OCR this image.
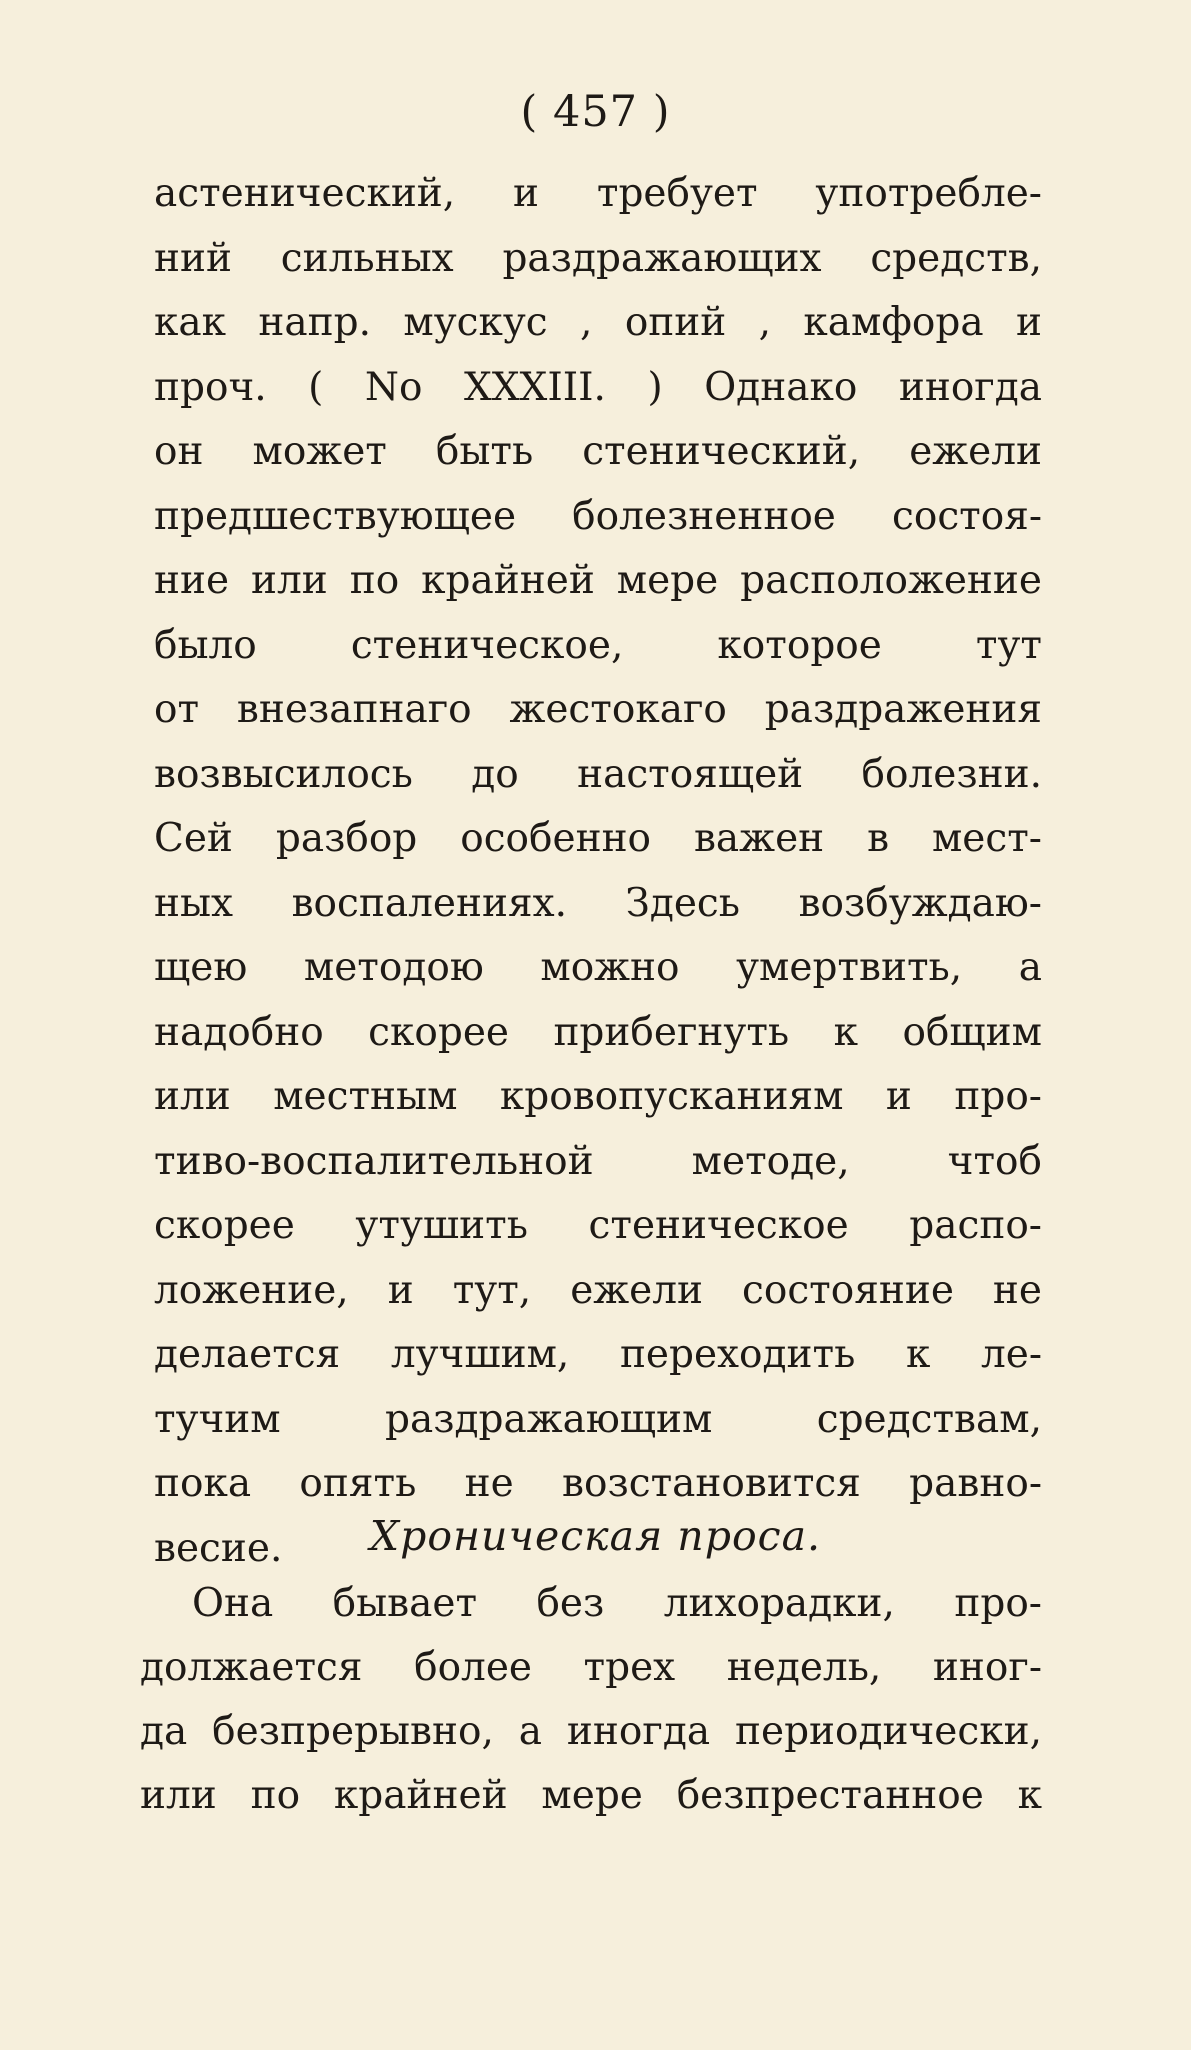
( 457 )
астенический, и требует употребле-
ний сильных раздражающих средств,
как напр. мускус , опий , камфора и
проч. ( No XXXIII. ) Однако иногда
он может быть стенический, ежели
предшествующее болезненное состоя-
ние или по крайней мере расположение
было стеническое, которое тут
от внезапнаго жестокаго раздражения
возвысилось до настоящей болезни.
Сей разбор особенно важен в мест-
ных воспалениях. Здесь возбуждаю-
щею методою можно умертвить, а
надобно скорее прибегнуть к общим
или местным кровопусканиям и про-
тиво-воспалительной методе, чтоб
скорее утушить стеническое распо-
ложение, и тут, ежели состояние не
делается лучшим, переходить к ле-
тучим раздражающим средствам,
пока опять не возстановится равно-
весие.	Хроническая проса.
Она бывает без лихорадки, про-
должается более трех недель, иног-
да безпрерывно, а иногда периодически,
или по крайней мере безпрестанное к
